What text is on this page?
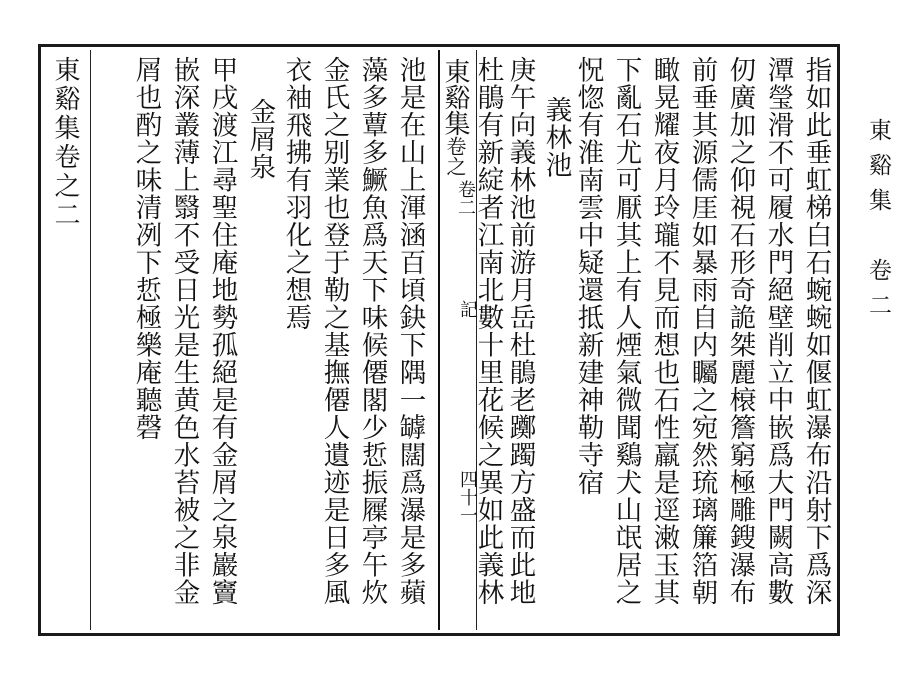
東谿集　卷二
指如此垂虹梯白石蜿蜿如偃虹瀑布沿射下爲深
潭瑩滑不可履水門絕壁削立中嵌爲大門闕高數
仞廣加之仰視石形奇詭桀麗榱簷窮極雕鎪瀑布
前垂其源儒厓如暴雨自内矚之宛然琉璃簾箔朝
瞰晃耀夜月玲瓏不見而想也石性羸是逕潄玉其
下亂石尤可厭其上有人煙氣微聞鷄犬山氓居之
怳惚有淮南雲中疑還抵新建神勒寺宿
義林池
庚午向義林池前游月岳杜鵑老躑躅方盛而此地
杜鵑有新綻者江南北數十里花候之異如此義林
東谿集卷之
卷二
記
四十一
池是在山上渾涵百頃鈌下隅一罅闊爲瀑是多蘋
藻多蕈多鱖魚爲天下味候僊閣少悊振屧亭午炊
金氏之别業也登于勒之基撫僊人遺迹是日多風
衣袖飛拂有羽化之想焉
金屑泉
甲戌渡江尋聖住庵地勢孤絕是有金屑之泉巖竇
嵌深叢薄上翳不受日光是生黄色水苔被之非金
屑也酌之味清冽下悊極樂庵聽磬
東谿集卷之二
